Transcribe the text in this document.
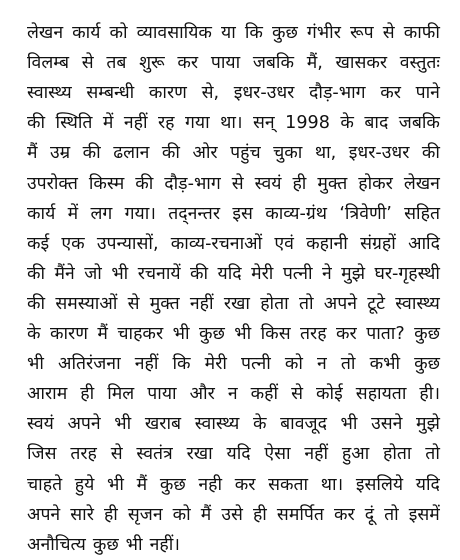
लेखन कार्य को व्यावसायिक या कि कुछ गंभीर रूप से काफी
विलम्ब से तब शुरू कर पाया जबकि मैं, खासकर वस्तुतः
स्वास्थ्य सम्बन्धी कारण से, इधर-उधर दौड़-भाग कर पाने
की स्थिति में नहीं रह गया था। सन् 1998 के बाद जबकि
मैं उम्र की ढलान की ओर पहुंच चुका था, इधर-उधर की
उपरोक्त किस्म की दौड़-भाग से स्वयं ही मुक्त होकर लेखन
कार्य में लग गया। तद्नन्तर इस काव्य-ग्रंथ ‘त्रिवेणी’ सहित
कई एक उपन्यासों, काव्य-रचनाओं एवं कहानी संग्रहों आदि
की मैंने जो भी रचनायें की यदि मेरी पत्नी ने मुझे घर-गृहस्थी
की समस्याओं से मुक्त नहीं रखा होता तो अपने टूटे स्वास्थ्य
के कारण मैं चाहकर भी कुछ भी किस तरह कर पाता? कुछ
भी अतिरंजना नहीं कि मेरी पत्नी को न तो कभी कुछ
आराम ही मिल पाया और न कहीं से कोई सहायता ही।
स्वयं अपने भी खराब स्वास्थ्य के बावजूद भी उसने मुझे
जिस तरह से स्वतंत्र रखा यदि ऐसा नहीं हुआ होता तो
चाहते हुये भी मैं कुछ नही कर सकता था। इसलिये यदि
अपने सारे ही सृजन को मैं उसे ही समर्पित कर दूं तो इसमें
अनौचित्य कुछ भी नहीं।
